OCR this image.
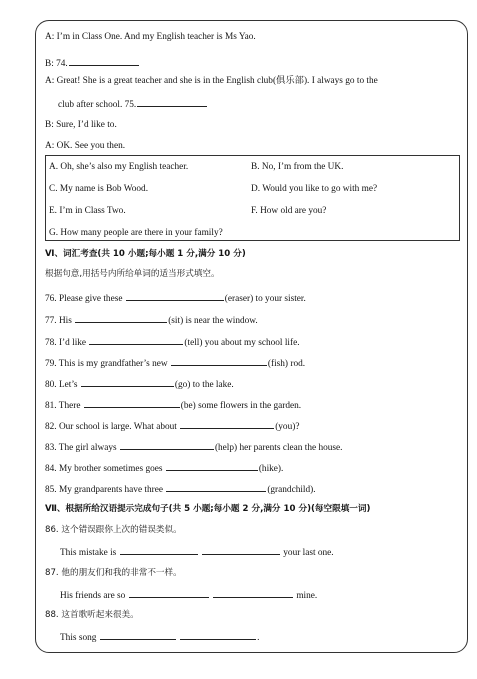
A: I’m in Class One. And my English teacher is Ms Yao.
B: 74.
A: Great! She is a great teacher and she is in the English club(俱乐部). I always go to the
club after school. 75.
B: Sure, I’d like to.
A: OK. See you then.
A. Oh, she’s also my English teacher.	B. No, I’m from the UK.
C. My name is Bob Wood.	D. Would you like to go with me?
E. I’m in Class Two.	F. How old are you?
G. How many people are there in your family?
Ⅵ、词汇考查(共 10 小题;每小题 1 分,满分 10 分)
根据句意,用括号内所给单词的适当形式填空。
76. Please give these	(eraser) to your sister.
77. His	(sit) is near the window.
78. I’d like	(tell) you about my school life.
79. This is my grandfather’s new	(fish) rod.
80. Let’s	(go) to the lake.
81. There	(be) some flowers in the garden.
82. Our school is large. What about	(you)?
83. The girl always	(help) her parents clean the house.
84. My brother sometimes goes	(hike).
85. My grandparents have three	(grandchild).
Ⅶ、根据所给汉语提示完成句子(共 5 小题;每小题 2 分,满分 10 分)(每空限填一词)
86. 这个错误跟你上次的错误类似。
This mistake is	your last one.
87. 他的朋友们和我的非常不一样。
His friends are so	mine.
88. 这首歌听起来很美。
This song	.
